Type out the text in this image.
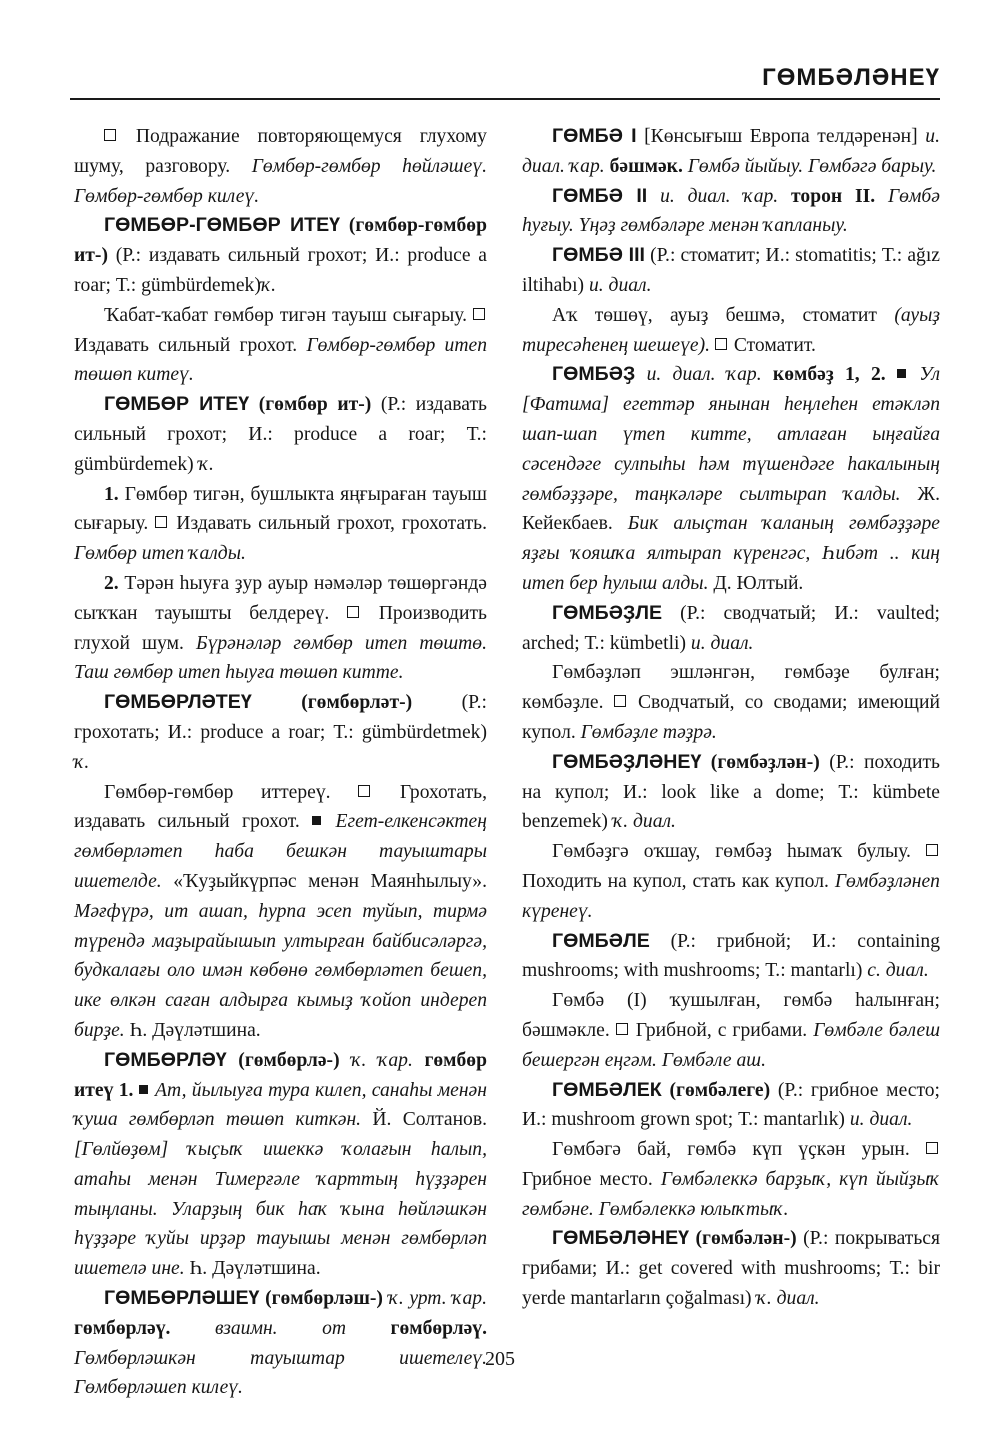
ГӨМБӘЛӘНЕҮ

Подражание повторяющемуся глухому шуму, разговору. Гөмбөр-гөмбөр һөйләшеү. Гөмбөр-гөмбөр килеү.

ГӨМБӨР-ГӨМБӨР ИТЕҮ (гөмбөр-гөмбөр ит-) (Р.: издавать сильный грохот; И.: produce a roar; Т.: gümbürdemek)ҡ.

Ҡабат-ҡабат гөмбөр тигән тауыш сығарыу.  Издавать сильный грохот. Гөмбөр-гөмбөр итеп төшөп китеү.

ГӨМБӨР ИТЕҮ (гөмбөр ит-) (Р.: издавать сильный грохот; И.: produce a roar; Т.: gümbürdemek) ҡ.

1. Гөмбөр тигән, бушлыкта яңғыраған тауыш сығарыу. Издавать сильный грохот, грохотать. Гөмбөр итеп ҡалды.

2. Тәрән һыуға ҙур ауыр нәмәләр төшөргәндә сыҡҡан тауышты белдереү.	Производить глухой шум. Бүрәнәләр гөмбөр итеп төштө. Таш гөмбөр итеп һыуға төшөп китте.

ГӨМБӨРЛӘТЕҮ	(гөмбөрләт-)	(Р.: грохотать; И.: produce a roar; Т.: gümbürdetmek) ҡ.

Гөмбөр-гөмбөр иттереү.	Грохотать, издавать сильный грохот. Егет-елкенсәктең гөмбөрләтеп һаба бешкән тауыштары ишетелде. «Ҡуҙыйкүрпәс менән Маянһылыу». Мәғфүрә, ит ашап, һурпа эсеп туйып, тирмә түрендә маҙырайышып ултырған байбисәләргә, будкалағы оло имән көбөнө гөмбөрләтеп бешеп, ике өлкән саған алдырға кымыҙ ҡойоп индереп бирҙе. Һ. Дәүләтшина.

ГӨМБӨРЛӘҮ (гөмбөрлә-) ҡ. ҡар. гөмбөр итеү 1. Ат, йылыуға тура килеп, санаһы менән ҡуша гөмбөрләп төшөп киткән. Й. Солтанов. [Гөлйөҙөм] ҡыҫыҡ ишеккә ҡолағын һалып, атаһы менән Тимерғәле ҡарттың һүҙҙәрен тыңланы. Уларҙың бик һаҡ ҡына һөйләшкән һүҙҙәре ҡуйы ирҙәр тауышы менән гөмбөрләп ишетелә ине. Һ. Дәүләтшина.

ГӨМБӨРЛӘШЕҮ (гөмбөрләш-) ҡ. урт. ҡар. гөмбөрләү. взаимн. от гөмбөрләү. Гөмбөрләшкән тауыштар ишетелеү. Гөмбөрләшеп килеү.

ГӨМБӘ I [Көнсығыш Европа телдәренән] и. диал. ҡар. бәшмәк. Гөмбә йыйыу. Гөмбәгә барыу.

ГӨМБӘ II и. диал. ҡар. торон II. Гөмбә һуғыу. Үңәҙ гөмбәләре менән ҡапланыу.

ГӨМБӘ III (Р.: стоматит; И.: stomatitis; Т.: ağız iltihabı) и. диал.

Аҡ төшөү, ауыҙ бешмә, стоматит (ауыҙ тиресәһенең шешеүе). Стоматит.

ГӨМБӘҘ и. диал. ҡар. көмбәҙ 1, 2. Ул [Фатима] егеттәр янынан һеңлеһен етәкләп шап-шап үтеп китте, атлаған ыңғайға сәсендәге сулпыһы һәм түшендәге һакалының гөмбәҙҙәре, таңкәләре сылтырап ҡалды. Ж. Кейекбаев. Бик алыҫтан ҡаланың гөмбәҙҙәре яҙғы ҡояшҡа ялтырап күренгәс, Һибәт .. киң итеп бер һулыш алды. Д. Юлтый.

ГӨМБӘҘЛЕ (Р.: сводчатый; И.: vaulted; arched; Т.: kümbetli) и. диал.

Гөмбәҙләп эшләнгән, гөмбәҙе булған; көмбәҙле. Сводчатый, со сводами; имеющий купол. Гөмбәҙле тәҙрә.

ГӨМБӘҘЛӘНЕҮ (гөмбәҙлән-) (Р.: походить на купол; И.: look like a dome; Т.: kümbete benzemek) ҡ. диал.

Гөмбәҙгә оҡшау, гөмбәҙ һымаҡ булыу.  Походить на купол, стать как купол. Гөмбәҙләнеп күренеү.

ГӨМБӘЛЕ (Р.: грибной; И.: containing mushrooms; with mushrooms; Т.: mantarlı) с. диал.

Гөмбә (I) ҡушылған, гөмбә һалынған; бәшмәкле. Грибной, с грибами. Гөмбәле бәлеш бешергән еңгәм. Гөмбәле аш.

ГӨМБӘЛЕК (гөмбәлеге) (Р.: грибное место; И.: mushroom grown spot; Т.: mantarlık) и. диал.

Гөмбәгә бай, гөмбә күп үҫкән урын.  Грибное место. Гөмбәлеккә барҙыҡ, күп йыйҙыҡ гөмбәне. Гөмбәлеккә юлыҡтыҡ.

ГӨМБӘЛӘНЕҮ (гөмбәлән-) (Р.: покрываться грибами; И.: get covered with mushrooms; Т.: bir yerde mantarların çoğalması) ҡ. диал.

205
